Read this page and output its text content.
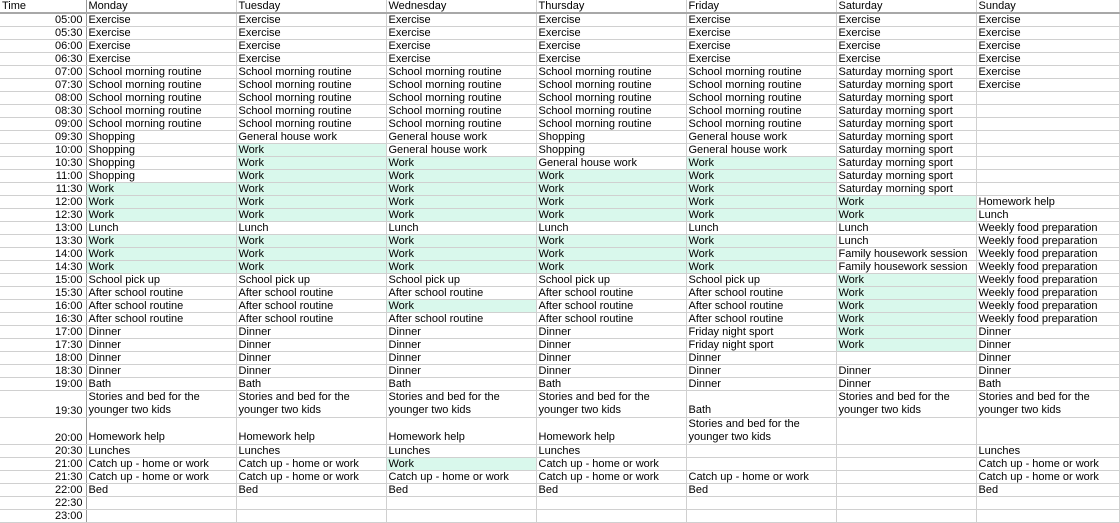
Time	Monday	Tuesday	Wednesday	Thursday	Friday	Saturday	Sunday
05:00	Exercise	Exercise	Exercise	Exercise	Exercise	Exercise	Exercise
05:30	Exercise	Exercise	Exercise	Exercise	Exercise	Exercise	Exercise
06:00	Exercise	Exercise	Exercise	Exercise	Exercise	Exercise	Exercise
06:30	Exercise	Exercise	Exercise	Exercise	Exercise	Exercise	Exercise
07:00	School morning routine	School morning routine	School morning routine	School morning routine	School morning routine	Saturday morning sport	Exercise
07:30	School morning routine	School morning routine	School morning routine	School morning routine	School morning routine	Saturday morning sport	Exercise
08:00	School morning routine	School morning routine	School morning routine	School morning routine	School morning routine	Saturday morning sport	
08:30	School morning routine	School morning routine	School morning routine	School morning routine	School morning routine	Saturday morning sport	
09:00	School morning routine	School morning routine	School morning routine	School morning routine	School morning routine	Saturday morning sport	
09:30	Shopping	General house work	General house work	Shopping	General house work	Saturday morning sport	
10:00	Shopping	Work	General house work	Shopping	General house work	Saturday morning sport	
10:30	Shopping	Work	Work	General house work	Work	Saturday morning sport	
11:00	Shopping	Work	Work	Work	Work	Saturday morning sport	
11:30	Work	Work	Work	Work	Work	Saturday morning sport	
12:00	Work	Work	Work	Work	Work	Work	Homework help
12:30	Work	Work	Work	Work	Work	Work	Lunch
13:00	Lunch	Lunch	Lunch	Lunch	Lunch	Lunch	Weekly food preparation
13:30	Work	Work	Work	Work	Work	Lunch	Weekly food preparation
14:00	Work	Work	Work	Work	Work	Family housework session	Weekly food preparation
14:30	Work	Work	Work	Work	Work	Family housework session	Weekly food preparation
15:00	School pick up	School pick up	School pick up	School pick up	School pick up	Work	Weekly food preparation
15:30	After school routine	After school routine	After school routine	After school routine	After school routine	Work	Weekly food preparation
16:00	After school routine	After school routine	Work	After school routine	After school routine	Work	Weekly food preparation
16:30	After school routine	After school routine	After school routine	After school routine	After school routine	Work	Weekly food preparation
17:00	Dinner	Dinner	Dinner	Dinner	Friday night sport	Work	Dinner
17:30	Dinner	Dinner	Dinner	Dinner	Friday night sport	Work	Dinner
18:00	Dinner	Dinner	Dinner	Dinner	Dinner		Dinner
18:30	Dinner	Dinner	Dinner	Dinner	Dinner	Dinner	Dinner
19:00	Bath	Bath	Bath	Bath	Dinner	Dinner	Bath
19:30	Stories and bed for the younger two kids	Stories and bed for the younger two kids	Stories and bed for the younger two kids	Stories and bed for the younger two kids	Bath	Stories and bed for the younger two kids	Stories and bed for the younger two kids

20:00	Homework help	Homework help	Homework help	Homework help	Stories and bed for the younger two kids		

20:30	Lunches	Lunches	Lunches	Lunches			Lunches
21:00	Catch up - home or work	Catch up - home or work	Work	Catch up - home or work			Catch up - home or work
21:30	Catch up - home or work	Catch up - home or work	Catch up - home or work	Catch up - home or work	Catch up - home or work		Catch up - home or work
22:00	Bed	Bed	Bed	Bed	Bed		Bed
22:30							
23:00							
